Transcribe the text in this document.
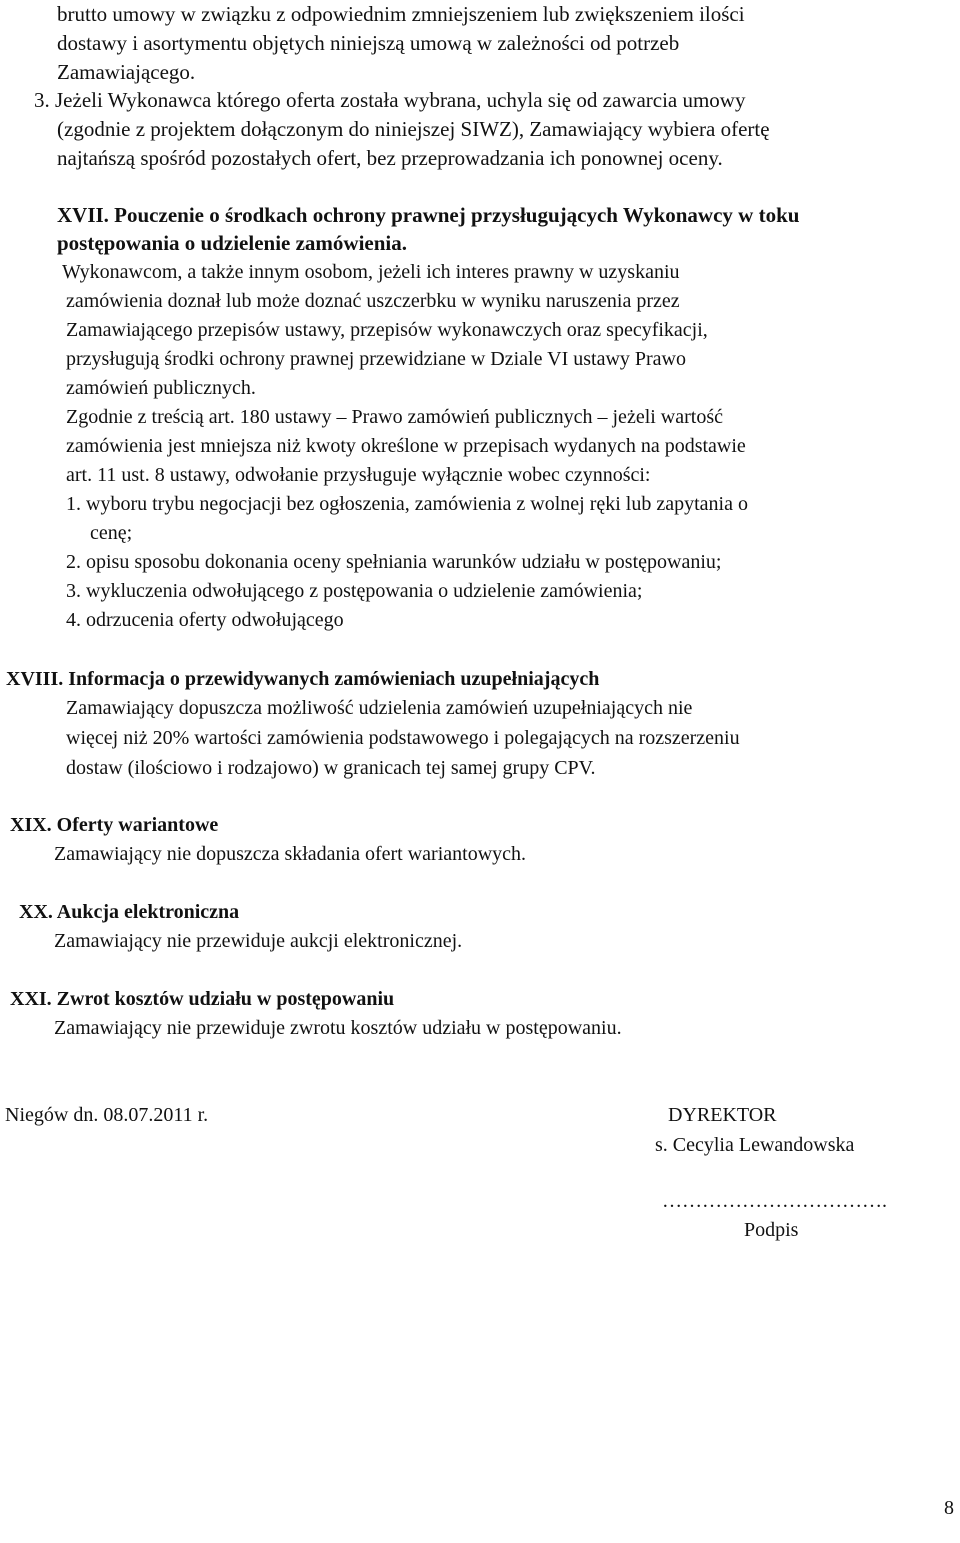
brutto umowy w związku z odpowiednim zmniejszeniem lub zwiększeniem ilości
dostawy i asortymentu objętych niniejszą umową w zależności od potrzeb
Zamawiającego.
3. Jeżeli Wykonawca którego oferta została wybrana, uchyla się od zawarcia umowy
(zgodnie z projektem dołączonym do niniejszej SIWZ), Zamawiający wybiera ofertę
najtańszą spośród pozostałych ofert, bez przeprowadzania ich ponownej oceny.
XVII. Pouczenie o środkach ochrony prawnej przysługujących Wykonawcy w toku
postępowania o udzielenie zamówienia.
Wykonawcom, a także innym osobom, jeżeli ich interes prawny w uzyskaniu
zamówienia doznał lub może doznać uszczerbku w wyniku naruszenia przez
Zamawiającego przepisów ustawy, przepisów wykonawczych oraz specyfikacji,
przysługują środki ochrony prawnej przewidziane w Dziale VI ustawy Prawo
zamówień publicznych.
Zgodnie z treścią art. 180 ustawy – Prawo zamówień publicznych – jeżeli wartość
zamówienia jest mniejsza niż kwoty określone w przepisach wydanych na podstawie
art. 11 ust. 8 ustawy, odwołanie przysługuje wyłącznie wobec czynności:
1. wyboru trybu negocjacji bez ogłoszenia, zamówienia z wolnej ręki lub zapytania o
cenę;
2. opisu sposobu dokonania oceny spełniania warunków udziału w postępowaniu;
3. wykluczenia odwołującego z postępowania o udzielenie zamówienia;
4. odrzucenia oferty odwołującego
XVIII. Informacja o przewidywanych zamówieniach uzupełniających
Zamawiający dopuszcza możliwość udzielenia zamówień uzupełniających nie
więcej niż 20% wartości zamówienia podstawowego i polegających na rozszerzeniu
dostaw (ilościowo i rodzajowo) w granicach tej samej grupy CPV.
XIX. Oferty wariantowe
Zamawiający nie dopuszcza składania ofert wariantowych.
XX. Aukcja elektroniczna
Zamawiający nie przewiduje aukcji elektronicznej.
XXI. Zwrot kosztów udziału w postępowaniu
Zamawiający nie przewiduje zwrotu kosztów udziału w postępowaniu.
Niegów dn. 08.07.2011 r.	DYREKTOR
s. Cecylia Lewandowska
…………………………….
Podpis
8
